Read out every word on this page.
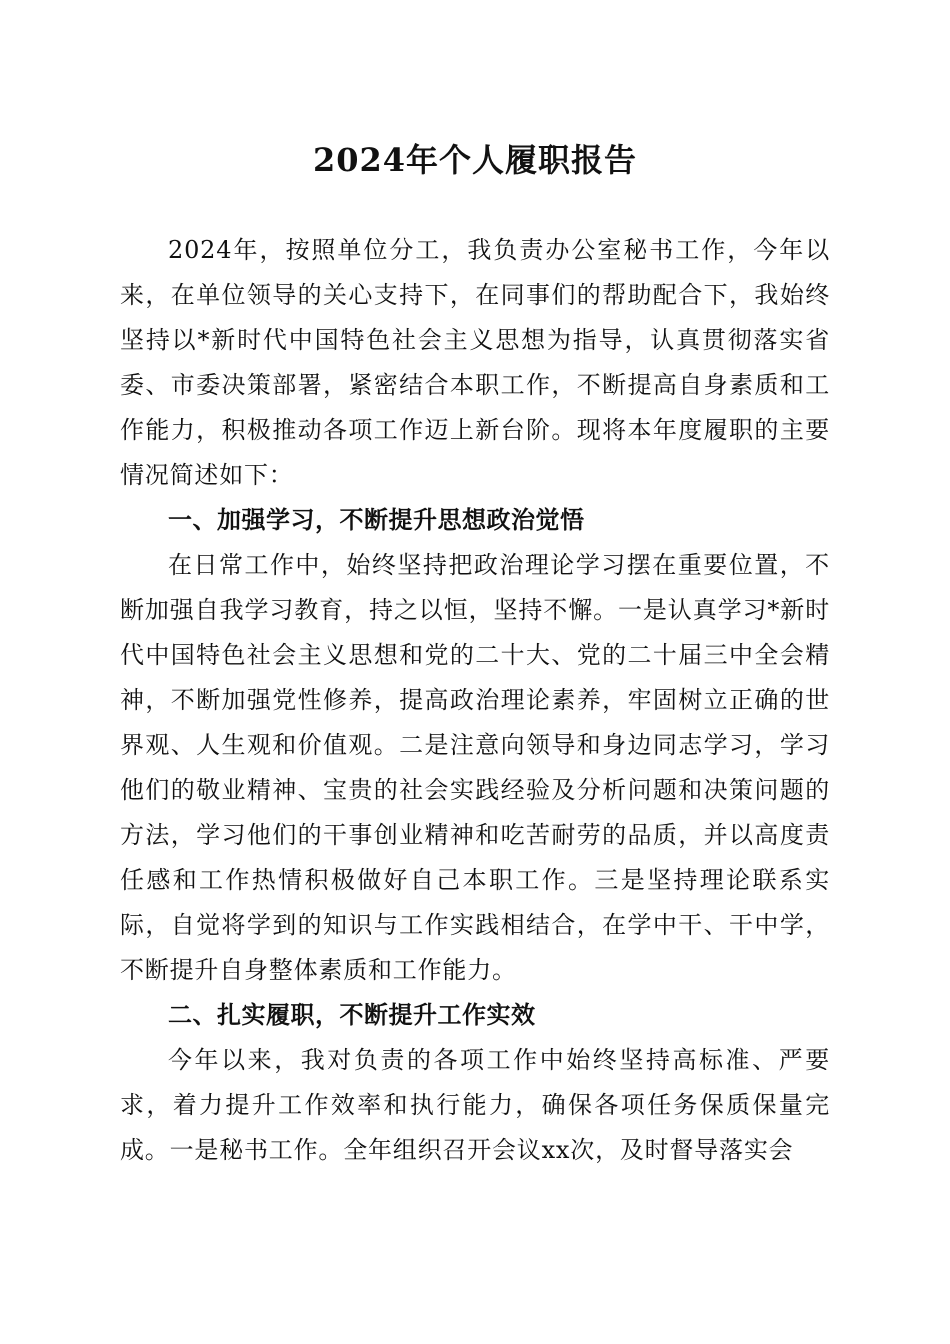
2024年个人履职报告

2024年，按照单位分工，我负责办公室秘书工作，今年以来，在单位领导的关心支持下，在同事们的帮助配合下，我始终坚持以*新时代中国特色社会主义思想为指导，认真贯彻落实省委、市委决策部署，紧密结合本职工作，不断提高自身素质和工作能力，积极推动各项工作迈上新台阶。现将本年度履职的主要情况简述如下：

一、加强学习，不断提升思想政治觉悟

在日常工作中，始终坚持把政治理论学习摆在重要位置，不断加强自我学习教育，持之以恒，坚持不懈。一是认真学习*新时代中国特色社会主义思想和党的二十大、党的二十届三中全会精神，不断加强党性修养，提高政治理论素养，牢固树立正确的世界观、人生观和价值观。二是注意向领导和身边同志学习，学习他们的敬业精神、宝贵的社会实践经验及分析问题和决策问题的方法，学习他们的干事创业精神和吃苦耐劳的品质，并以高度责任感和工作热情积极做好自己本职工作。三是坚持理论联系实际，自觉将学到的知识与工作实践相结合，在学中干、干中学，不断提升自身整体素质和工作能力。

二、扎实履职，不断提升工作实效

今年以来，我对负责的各项工作中始终坚持高标准、严要求，着力提升工作效率和执行能力，确保各项任务保质保量完成。一是秘书工作。全年组织召开会议xx次，及时督导落实会
